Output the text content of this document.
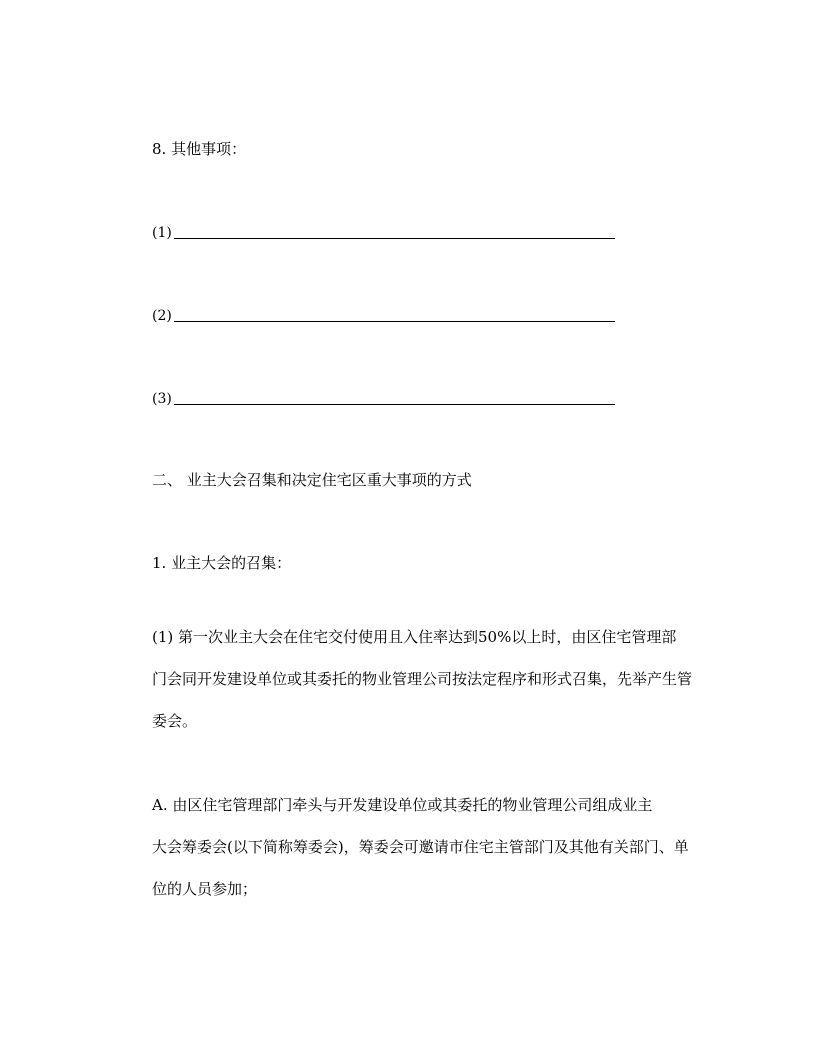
8. 其他事项：
(1)
(2)
(3)
二、 业主大会召集和决定住宅区重大事项的方式
1. 业主大会的召集：
(1) 第一次业主大会在住宅交付使用且入住率达到50%以上时，由区住宅管理部
门会同开发建设单位或其委托的物业管理公司按法定程序和形式召集，先举产生管
委会。
A. 由区住宅管理部门牵头与开发建设单位或其委托的物业管理公司组成业主
大会筹委会(以下简称筹委会)，筹委会可邀请市住宅主管部门及其他有关部门、单
位的人员参加；
